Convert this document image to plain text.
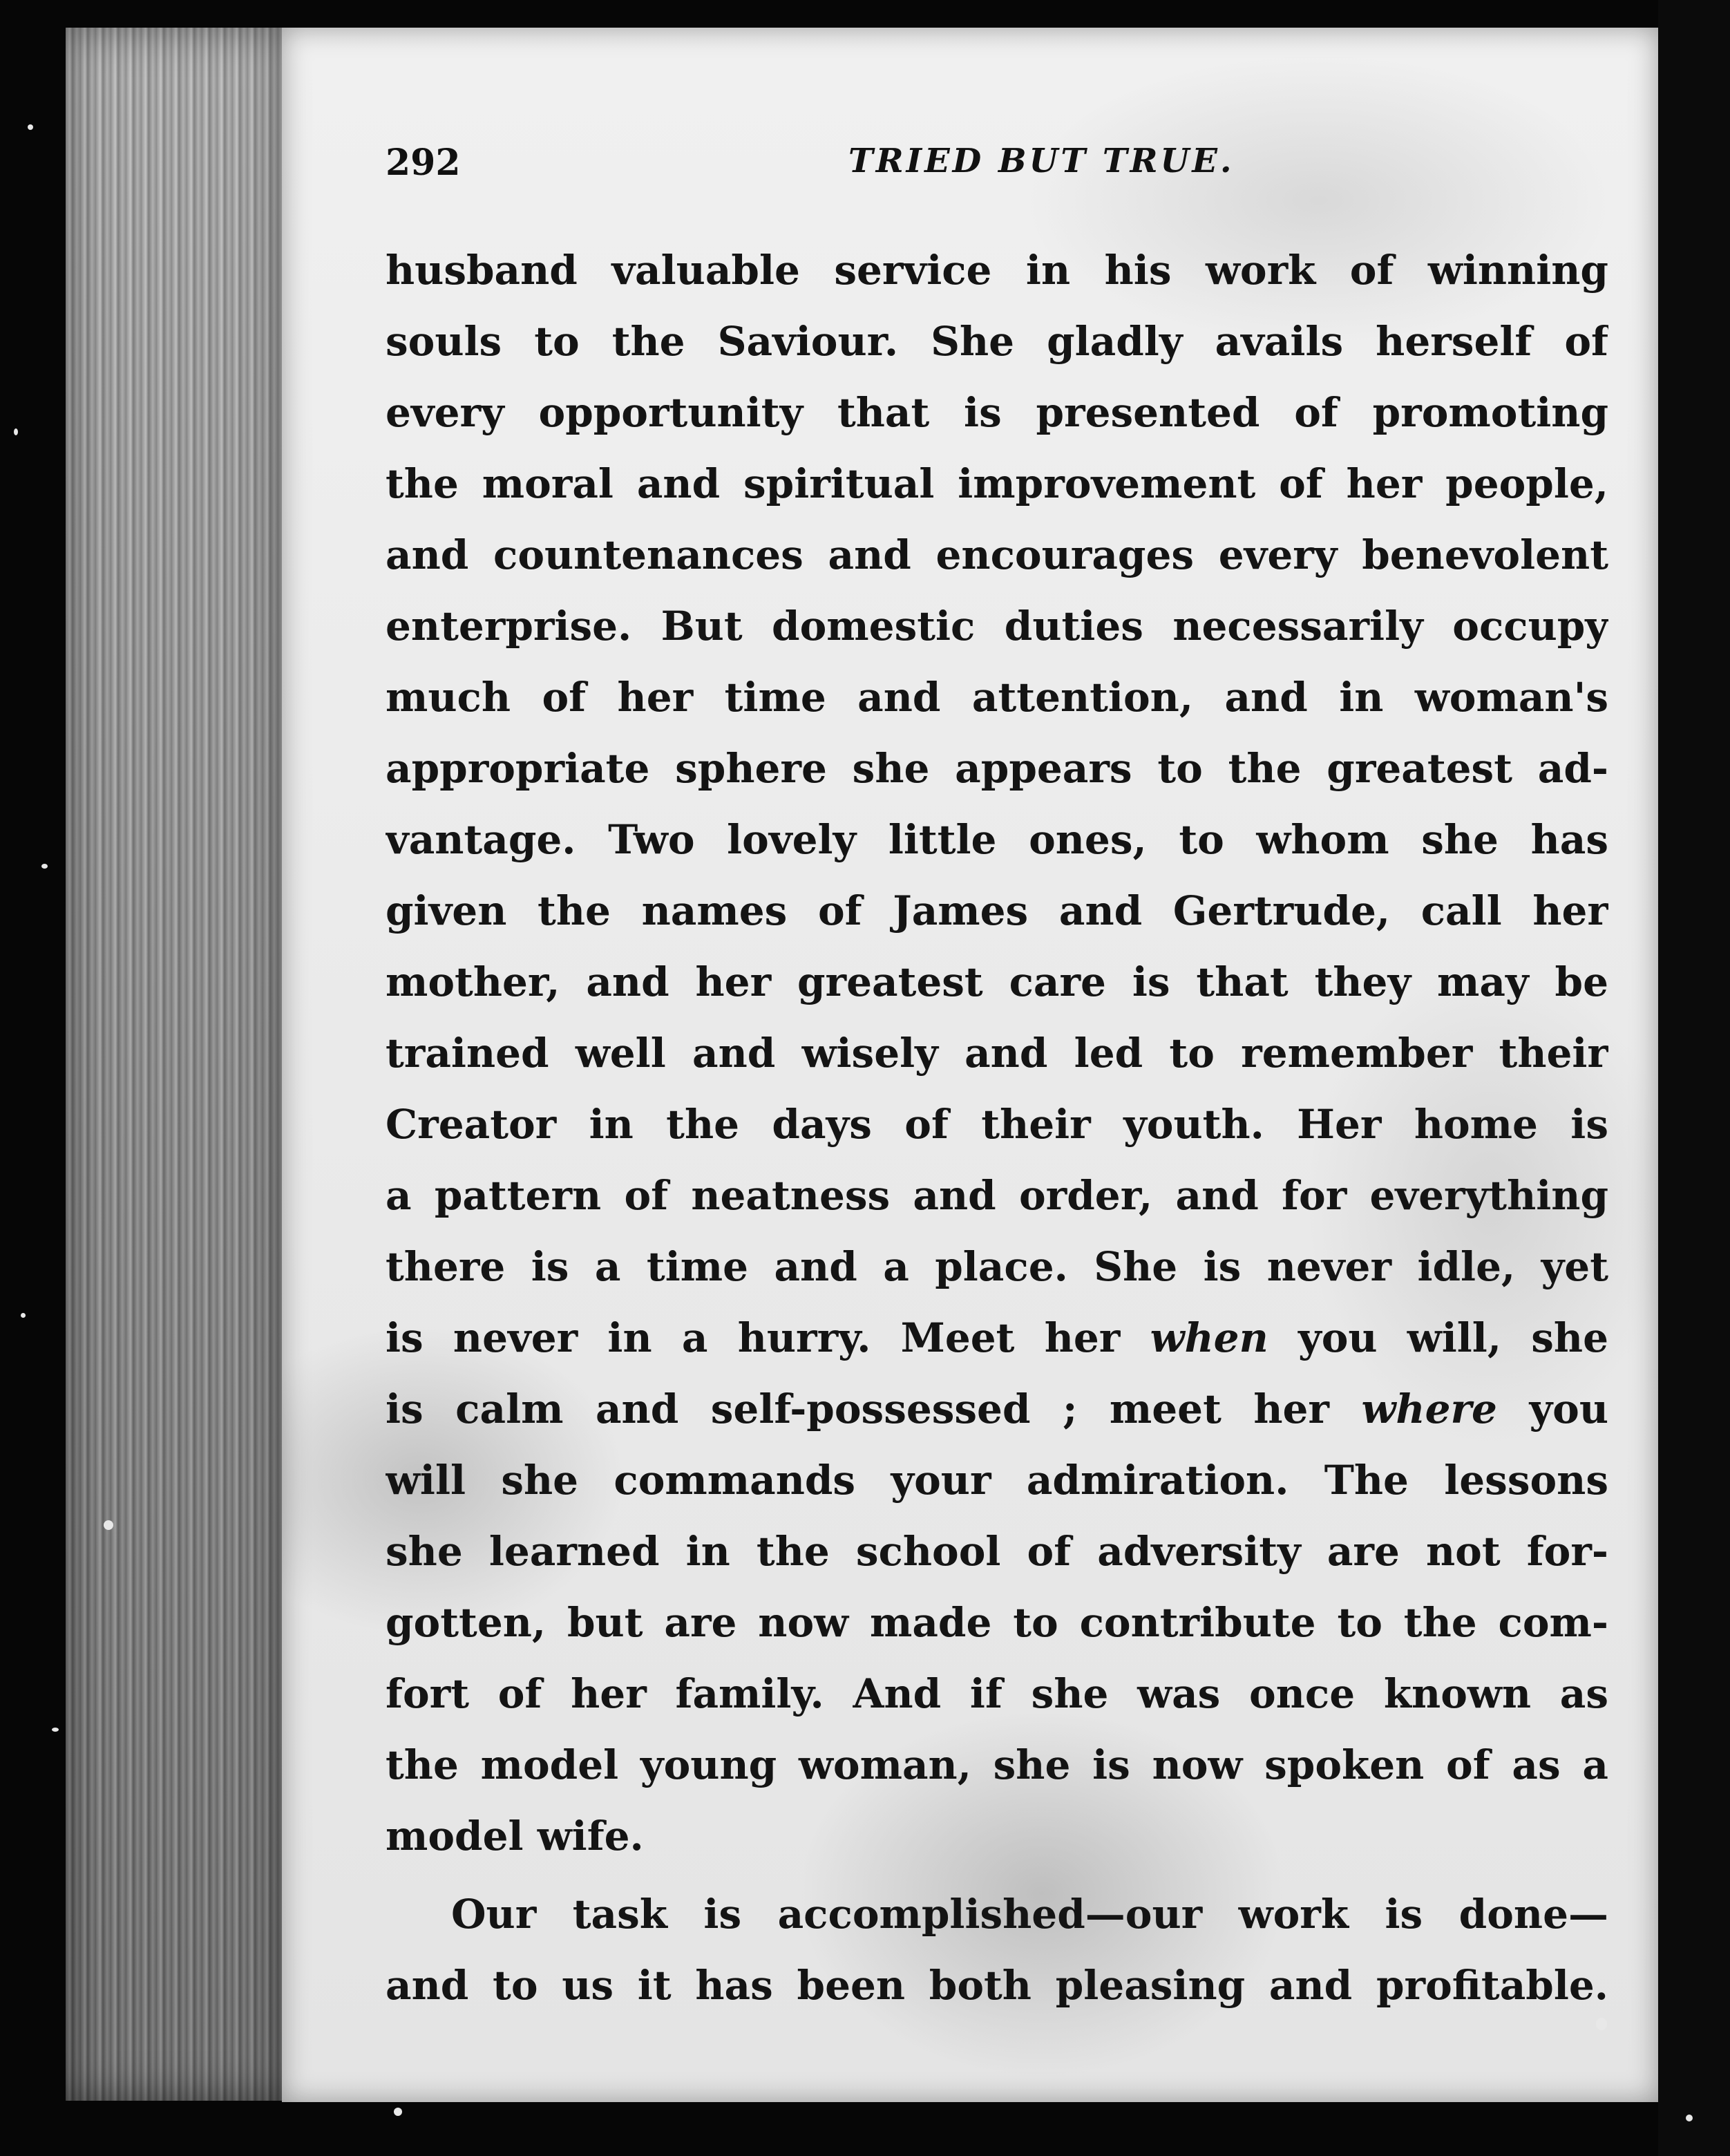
292	TRIED BUT TRUE.
husband valuable service in his work of winning
souls to the Saviour. She gladly avails herself of
every opportunity that is presented of promoting
the moral and spiritual improvement of her people,
and countenances and encourages every benevolent
enterprise. But domestic duties necessarily occupy
much of her time and attention, and in woman's
appropriate sphere she appears to the greatest ad-
vantage. Two lovely little ones, to whom she has
given the names of James and Gertrude, call her
mother, and her greatest care is that they may be
trained well and wisely and led to remember their
Creator in the days of their youth. Her home is
a pattern of neatness and order, and for everything
there is a time and a place. She is never idle, yet
is never in a hurry. Meet her when you will, she
is calm and self-possessed ; meet her where you
will she commands your admiration. The lessons
she learned in the school of adversity are not for-
gotten, but are now made to contribute to the com-
fort of her family. And if she was once known as
the model young woman, she is now spoken of as a
model wife.
Our task is accomplished—our work is done—
and to us it has been both pleasing and profitable.
